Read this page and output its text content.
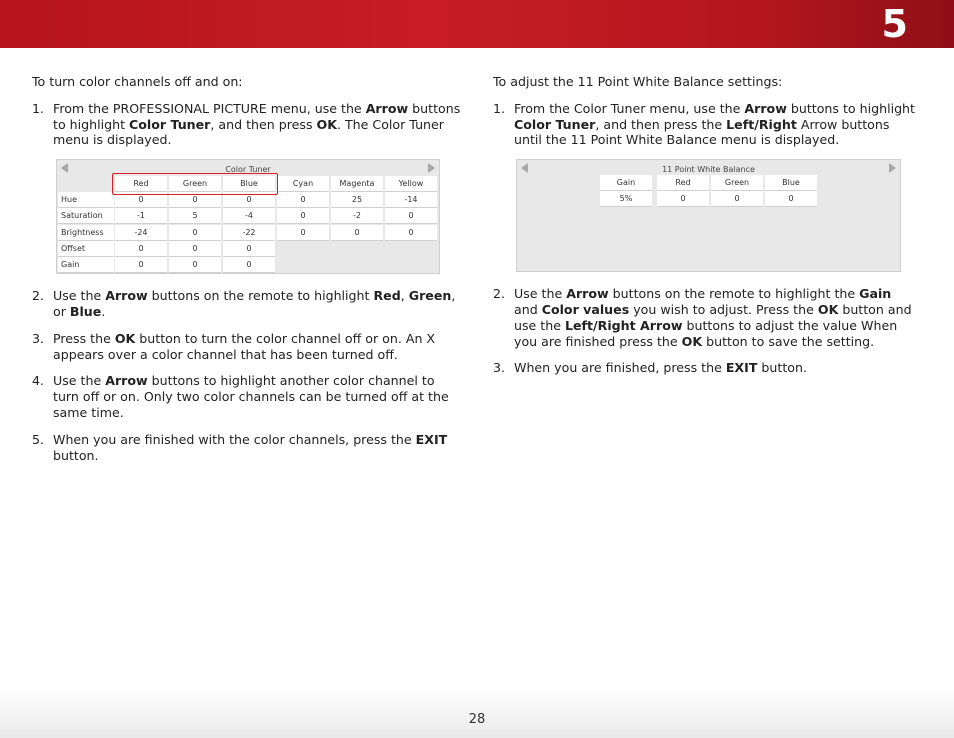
5

To turn color channels off and on:

1. From the PROFESSIONAL PICTURE menu, use the Arrow buttons to highlight Color Tuner, and then press OK. The Color Tuner menu is displayed.
Color Tuner
Red	Green	Blue	Cyan	Magenta	Yellow
Hue	0	0	0	0	25	-14
Saturation	-1	5	-4	0	-2	0
Brightness	-24	0	-22	0	0	0
Offset	0	0	0
Gain	0	0	0
2. Use the Arrow buttons on the remote to highlight Red, Green, or Blue.
3. Press the OK button to turn the color channel off or on. An X appears over a color channel that has been turned off.
4. Use the Arrow buttons to highlight another color channel to turn off or on. Only two color channels can be turned off at the same time.
5. When you are finished with the color channels, press the EXIT button.

To adjust the 11 Point White Balance settings:

1. From the Color Tuner menu, use the Arrow buttons to highlight Color Tuner, and then press the Left/Right Arrow buttons until the 11 Point White Balance menu is displayed.
11 Point White Balance
Gain	Red	Green	Blue
5%	0	0	0
2. Use the Arrow buttons on the remote to highlight the Gain and Color values you wish to adjust. Press the OK button and use the Left/Right Arrow buttons to adjust the value When you are finished press the OK button to save the setting.
3. When you are finished, press the EXIT button.
28
